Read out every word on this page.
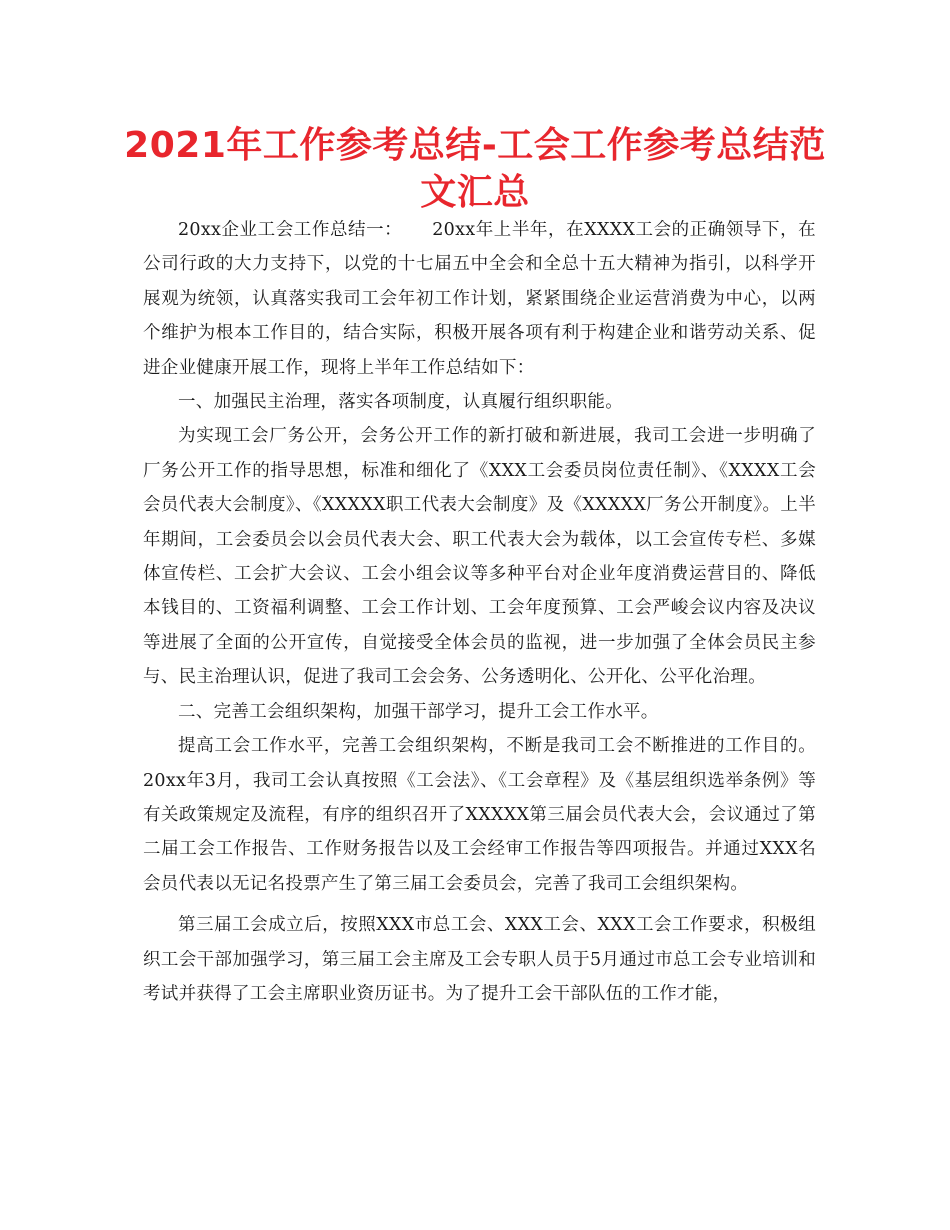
2021年工作参考总结-工会工作参考总结范文汇总

20xx企业工会工作总结一： 20xx年上半年，在XXXX工会的正确领导下，在公司行政的大力支持下，以党的十七届五中全会和全总十五大精神为指引，以科学开展观为统领，认真落实我司工会年初工作计划，紧紧围绕企业运营消费为中心，以两个维护为根本工作目的，结合实际，积极开展各项有利于构建企业和谐劳动关系、促进企业健康开展工作，现将上半年工作总结如下：

一、加强民主治理，落实各项制度，认真履行组织职能。

为实现工会厂务公开，会务公开工作的新打破和新进展，我司工会进一步明确了厂务公开工作的指导思想，标准和细化了《XXX工会委员岗位责任制》、《XXXX工会会员代表大会制度》、《XXXXX职工代表大会制度》及《XXXXX厂务公开制度》。上半年期间，工会委员会以会员代表大会、职工代表大会为载体，以工会宣传专栏、多媒体宣传栏、工会扩大会议、工会小组会议等多种平台对企业年度消费运营目的、降低本钱目的、工资福利调整、工会工作计划、工会年度预算、工会严峻会议内容及决议等进展了全面的公开宣传，自觉接受全体会员的监视，进一步加强了全体会员民主参与、民主治理认识，促进了我司工会会务、公务透明化、公开化、公平化治理。

二、完善工会组织架构，加强干部学习，提升工会工作水平。

提高工会工作水平，完善工会组织架构，不断是我司工会不断推进的工作目的。20xx年3月，我司工会认真按照《工会法》、《工会章程》及《基层组织选举条例》等有关政策规定及流程，有序的组织召开了XXXXX第三届会员代表大会，会议通过了第二届工会工作报告、工作财务报告以及工会经审工作报告等四项报告。并通过XXX名会员代表以无记名投票产生了第三届工会委员会，完善了我司工会组织架构。

第三届工会成立后，按照XXX市总工会、XXX工会、XXX工会工作要求，积极组织工会干部加强学习，第三届工会主席及工会专职人员于5月通过市总工会专业培训和考试并获得了工会主席职业资历证书。为了提升工会干部队伍的工作才能，
